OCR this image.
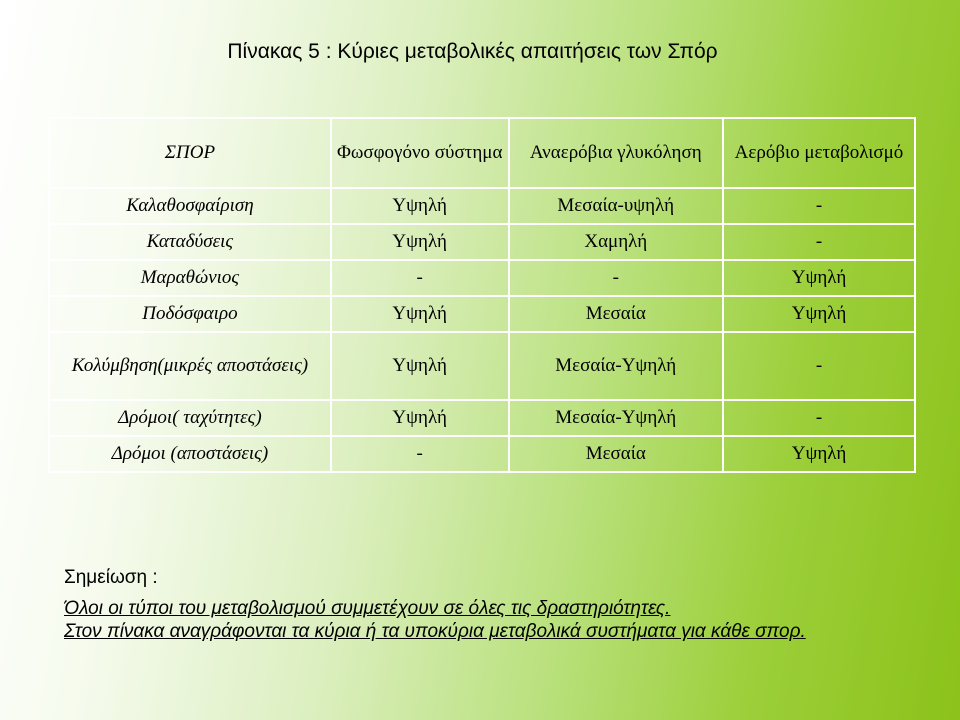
Πίνακας 5 : Κύριες μεταβολικές απαιτήσεις των Σπόρ
ΣΠΟΡ	Φωσφογόνο σύστημα	Αναερόβια γλυκόληση	Αερόβιο μεταβολισμό
Καλαθοσφαίριση	Υψηλή	Μεσαία-υψηλή	-
Καταδύσεις	Υψηλή	Χαμηλή	-
Μαραθώνιος	-	-	Υψηλή
Ποδόσφαιρο	Υψηλή	Μεσαία	Υψηλή
Κολύμβηση(μικρές αποστάσεις)	Υψηλή	Μεσαία-Υψηλή	-
Δρόμοι( ταχύτητες)	Υψηλή	Μεσαία-Υψηλή	-
Δρόμοι (αποστάσεις)	-	Μεσαία	Υψηλή
Σημείωση :
Όλοι οι τύποι του μεταβολισμού συμμετέχουν σε όλες τις δραστηριότητες.
Στον πίνακα αναγράφονται τα κύρια ή τα υποκύρια μεταβολικά συστήματα για κάθε σπορ.
